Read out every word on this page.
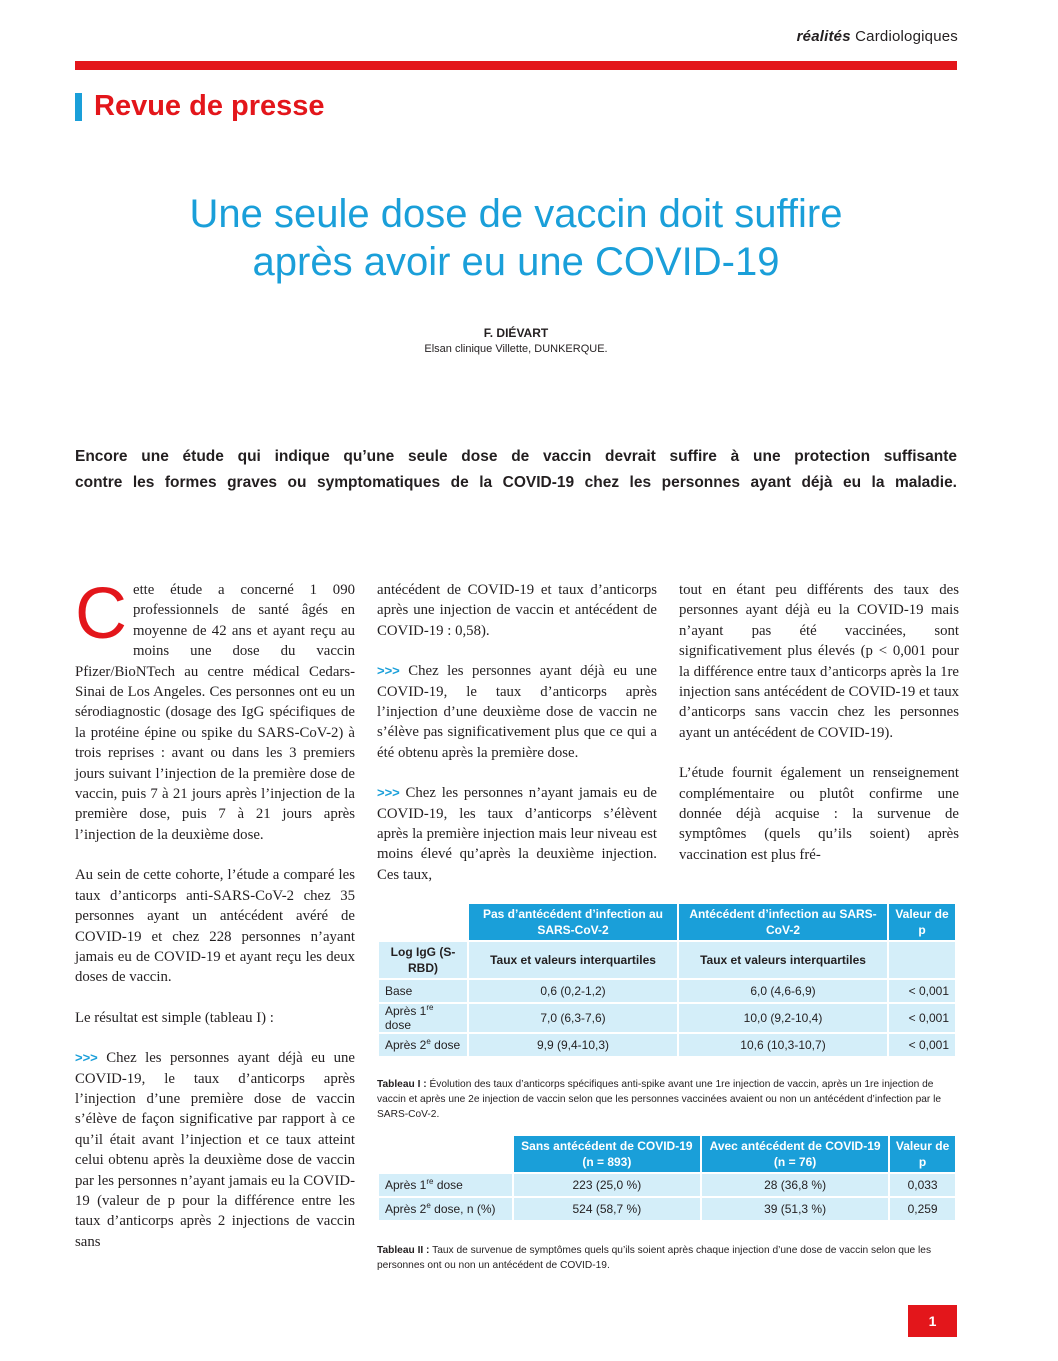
réalités Cardiologiques
Revue de presse
Une seule dose de vaccin doit suffire
après avoir eu une COVID-19
F. DIÉVART
Elsan clinique Villette, DUNKERQUE.
Encore une étude qui indique qu’une seule dose de vaccin devrait suffire à une protection suffisante
contre les formes graves ou symptomatiques de la COVID-19 chez les personnes ayant déjà eu la maladie.

Cette étude a concerné 1 090 professionnels de santé âgés en moyenne de 42 ans et ayant reçu au moins une dose du vaccin Pfizer/BioNTech au centre médical Cedars-Sinai de Los Angeles. Ces personnes ont eu un sérodiagnostic (dosage des IgG spécifiques de la protéine épine ou spike du SARS-CoV-2) à trois reprises : avant ou dans les 3 premiers jours suivant l’injection de la première dose de vaccin, puis 7 à 21 jours après l’injection de la première dose, puis 7 à 21 jours après l’injection de la deuxième dose.

Au sein de cette cohorte, l’étude a comparé les taux d’anticorps anti-SARS-CoV-2 chez 35 personnes ayant un antécédent avéré de COVID-19 et chez 228 personnes n’ayant jamais eu de COVID-19 et ayant reçu les deux doses de vaccin.

Le résultat est simple (tableau I) :

>>> Chez les personnes ayant déjà eu une COVID-19, le taux d’anticorps après l’injection d’une première dose de vaccin s’élève de façon significative par rapport à ce qu’il était avant l’injection et ce taux atteint celui obtenu après la deuxième dose de vaccin par les personnes n’ayant jamais eu la COVID-19 (valeur de p pour la différence entre les taux d’anticorps après 2 injections de vaccin sans

antécédent de COVID-19 et taux d’anticorps après une injection de vaccin et antécédent de COVID-19 : 0,58).

>>> Chez les personnes ayant déjà eu une COVID-19, le taux d’anticorps après l’injection d’une deuxième dose de vaccin ne s’élève pas significativement plus que ce qui a été obtenu après la première dose.

>>> Chez les personnes n’ayant jamais eu de COVID-19, les taux d’anticorps s’élèvent après la première injection mais leur niveau est moins élevé qu’après la deuxième injection. Ces taux,

tout en étant peu différents des taux des personnes ayant déjà eu la COVID-19 mais n’ayant pas été vaccinées, sont significativement plus élevés (p < 0,001 pour la différence entre taux d’anticorps après la 1re injection sans antécédent de COVID-19 et taux d’anticorps sans vaccin chez les personnes ayant un antécédent de COVID-19).

L’étude fournit également un renseignement complémentaire ou plutôt confirme une donnée déjà acquise : la survenue de symptômes (quels qu’ils soient) après vaccination est plus fré-

	Pas d’antécédent d’infection au SARS-CoV-2	Antécédent d’infection au SARS-CoV-2	Valeur de p
Log IgG (S-RBD)	Taux et valeurs interquartiles	Taux et valeurs interquartiles	
Base	0,6 (0,2-1,2)	6,0 (4,6-6,9)	< 0,001
Après 1re dose	7,0 (6,3-7,6)	10,0 (9,2-10,4)	< 0,001
Après 2e dose	9,9 (9,4-10,3)	10,6 (10,3-10,7)	< 0,001
Tableau I : Évolution des taux d’anticorps spécifiques anti-spike avant une 1re injection de vaccin, après un 1re injection de vaccin et après une 2e injection de vaccin selon que les personnes vaccinées avaient ou non un antécédent d’infection par le SARS-CoV-2.
	Sans antécédent de COVID-19 (n = 893)	Avec antécédent de COVID-19 (n = 76)	Valeur de p
Après 1re dose	223 (25,0 %)	28 (36,8 %)	0,033
Après 2e dose, n (%)	524 (58,7 %)	39 (51,3 %)	0,259
Tableau II : Taux de survenue de symptômes quels qu’ils soient après chaque injection d’une dose de vaccin selon que les personnes ont ou non un antécédent de COVID-19.
1
